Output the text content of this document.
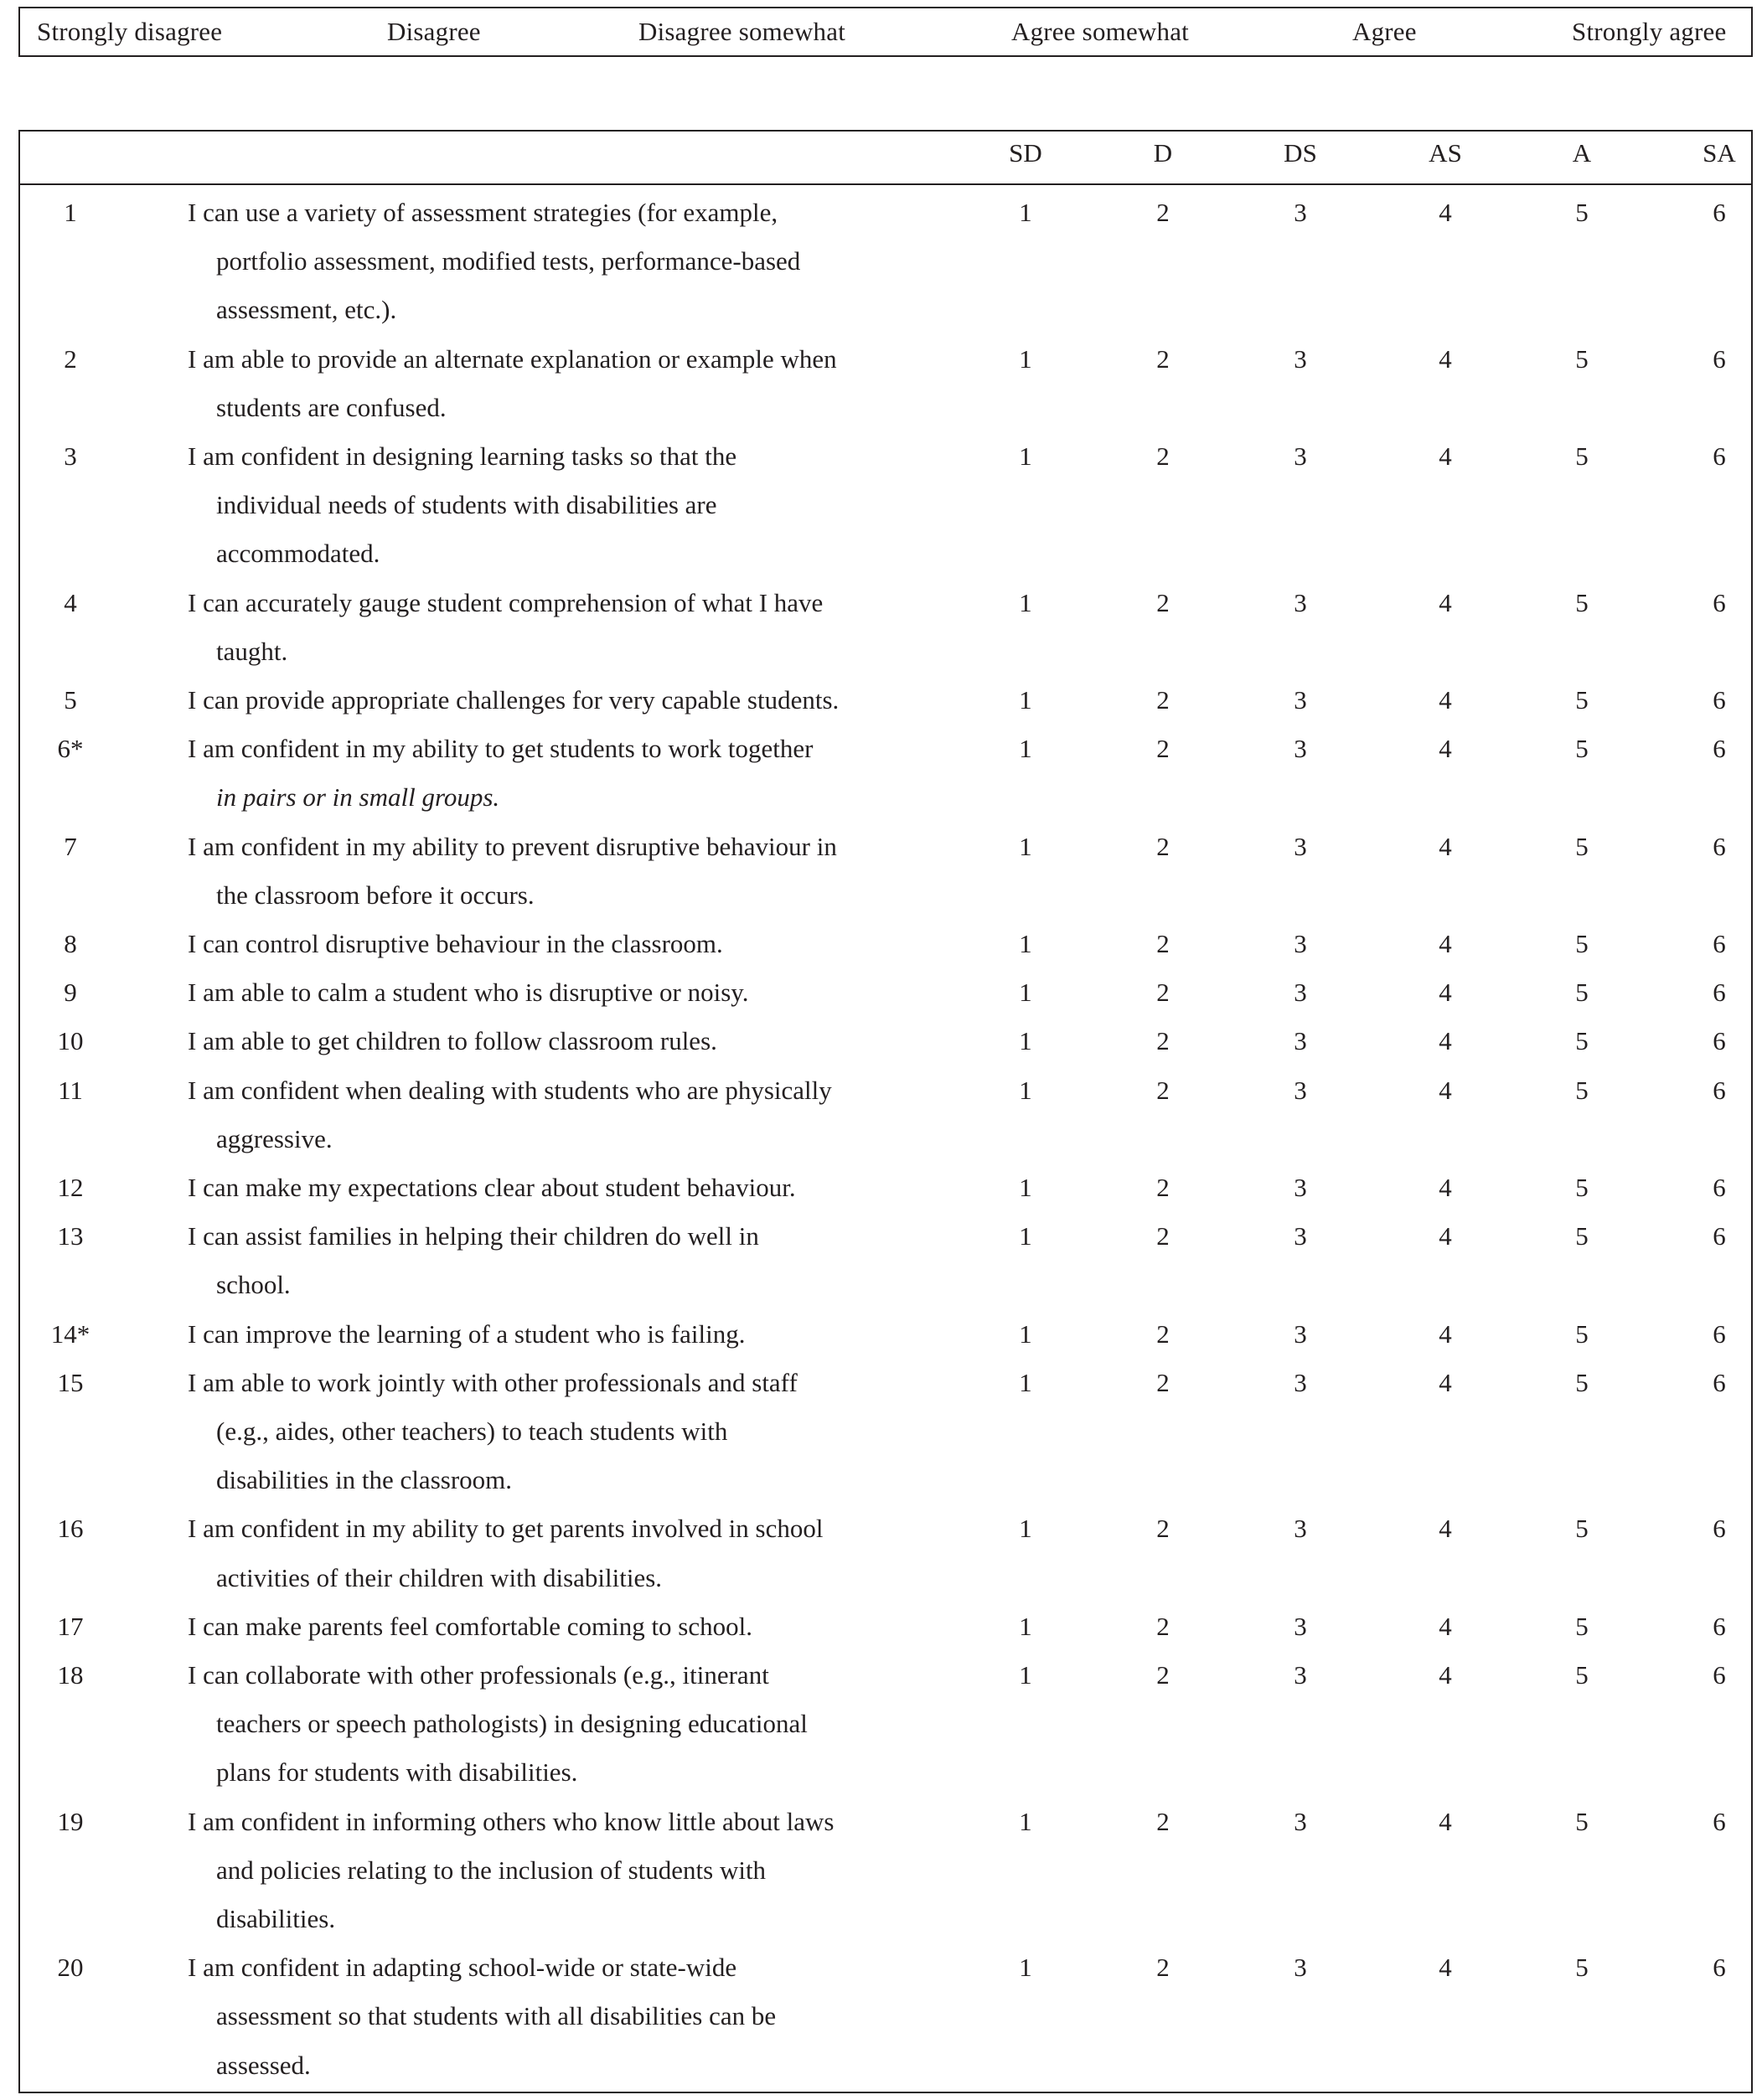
Strongly disagree	Disagree	Disagree somewhat	Agree somewhat	Agree	Strongly agree
SD	D	DS	AS	A	SA
1	I can use a variety of assessment strategies (for example,
portfolio assessment, modified tests, performance-based
assessment, etc.).
1	2	3	4	5	6
2	I am able to provide an alternate explanation or example when
students are confused.
1	2	3	4	5	6
3	I am confident in designing learning tasks so that the
individual needs of students with disabilities are
accommodated.
1	2	3	4	5	6
4	I can accurately gauge student comprehension of what I have
taught.
1	2	3	4	5	6
5	I can provide appropriate challenges for very capable students.	1	2	3	4	5	6
6*	I am confident in my ability to get students to work together
in pairs or in small groups.
1	2	3	4	5	6
7	I am confident in my ability to prevent disruptive behaviour in
the classroom before it occurs.
1	2	3	4	5	6
8	I can control disruptive behaviour in the classroom.	1	2	3	4	5	6
9	I am able to calm a student who is disruptive or noisy.	1	2	3	4	5	6
10	I am able to get children to follow classroom rules.	1	2	3	4	5	6
11	I am confident when dealing with students who are physically
aggressive.
1	2	3	4	5	6
12	I can make my expectations clear about student behaviour.	1	2	3	4	5	6
13	I can assist families in helping their children do well in
school.
1	2	3	4	5	6
14*	I can improve the learning of a student who is failing.	1	2	3	4	5	6
15	I am able to work jointly with other professionals and staff
(e.g., aides, other teachers) to teach students with
disabilities in the classroom.
1	2	3	4	5	6
16	I am confident in my ability to get parents involved in school
activities of their children with disabilities.
1	2	3	4	5	6
17	I can make parents feel comfortable coming to school.	1	2	3	4	5	6
18	I can collaborate with other professionals (e.g., itinerant
teachers or speech pathologists) in designing educational
plans for students with disabilities.
1	2	3	4	5	6
19	I am confident in informing others who know little about laws
and policies relating to the inclusion of students with
disabilities.
1	2	3	4	5	6
20	I am confident in adapting school-wide or state-wide
assessment so that students with all disabilities can be
assessed.
1	2	3	4	5	6
